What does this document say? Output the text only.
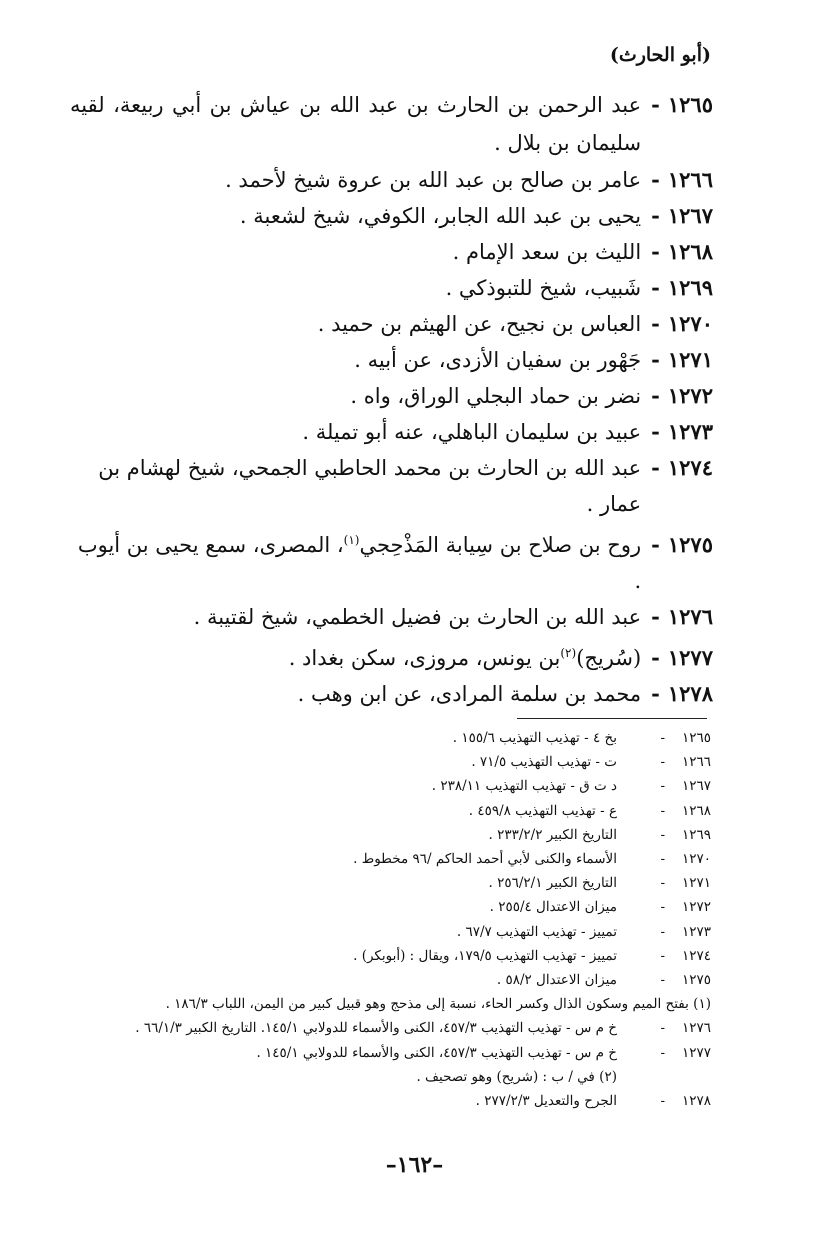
(أبو الحارث)
١٢٦٥
-
عبد الرحمن بن الحارث بن عبد الله بن عياش بن أبي ربيعة، لقيه سليمان بن بلال .
١٢٦٦
-
عامر بن صالح بن عبد الله بن عروة شيخ لأحمد .
١٢٦٧
-
يحيى بن عبد الله الجابر، الكوفي، شيخ لشعبة .
١٢٦٨
-
الليث بن سعد الإمام .
١٢٦٩
-
شَبيب، شيخ للتبوذكي .
١٢٧٠
-
العباس بن نجيح، عن الهيثم بن حميد .
١٢٧١
-
جَهْور بن سفيان الأزدى، عن أبيه .
١٢٧٢
-
نضر بن حماد البجلي الوراق، واه .
١٢٧٣
-
عبيد بن سليمان الباهلي، عنه أبو تميلة .
١٢٧٤
-
عبد الله بن الحارث بن محمد الحاطبي الجمحي، شيخ لهشام بن عمار .
١٢٧٥
-
روح بن صلاح بن سِيابة المَذْحِجي$^{(١)}$، المصرى، سمع يحيى بن أيوب .
١٢٧٦
-
عبد الله بن الحارث بن فضيل الخطمي، شيخ لقتيبة .
١٢٧٧
-
(سُريج)$^{(٢)}$بن يونس، مروزى، سكن بغداد .
١٢٧٨
-
محمد بن سلمة المرادى، عن ابن وهب .
١٢٦٥
-
بخ ٤ - تهذيب التهذيب ١٥٥/٦ .
١٢٦٦
-
ت - تهذيب التهذيب ٧١/٥ .
١٢٦٧
-
د ت ق - تهذيب التهذيب ٢٣٨/١١ .
١٢٦٨
-
ع - تهذيب التهذيب ٤٥٩/٨ .
١٢٦٩
-
التاريخ الكبير ٢٣٣/٢/٢ .
١٢٧٠
-
الأسماء والكنى لأبي أحمد الحاكم /٩٦ مخطوط .
١٢٧١
-
التاريخ الكبير ٢٥٦/٢/١ .
١٢٧٢
-
ميزان الاعتدال ٢٥٥/٤ .
١٢٧٣
-
تمييز - تهذيب التهذيب ٦٧/٧ .
١٢٧٤
-
تمييز - تهذيب التهذيب ١٧٩/٥، ويقال : (أبوبكر) .
١٢٧٥
-
ميزان الاعتدال ٥٨/٢ .
(١) بفتح الميم وسكون الذال وكسر الحاء، نسبة إلى مذحج وهو قبيل كبير من اليمن، اللباب ١٨٦/٣ .
١٢٧٦
-
خ م س - تهذيب التهذيب ٤٥٧/٣، الكنى والأسماء للدولابي ١٤٥/١. التاريخ الكبير ٦٦/١/٣ .
١٢٧٧
-
خ م س - تهذيب التهذيب ٤٥٧/٣، الكنى والأسماء للدولابي ١٤٥/١ .
(٢) في / ب : (شريح) وهو تصحيف .
١٢٧٨
-
الجرح والتعديل ٢٧٧/٢/٣ .
–١٦٢–
